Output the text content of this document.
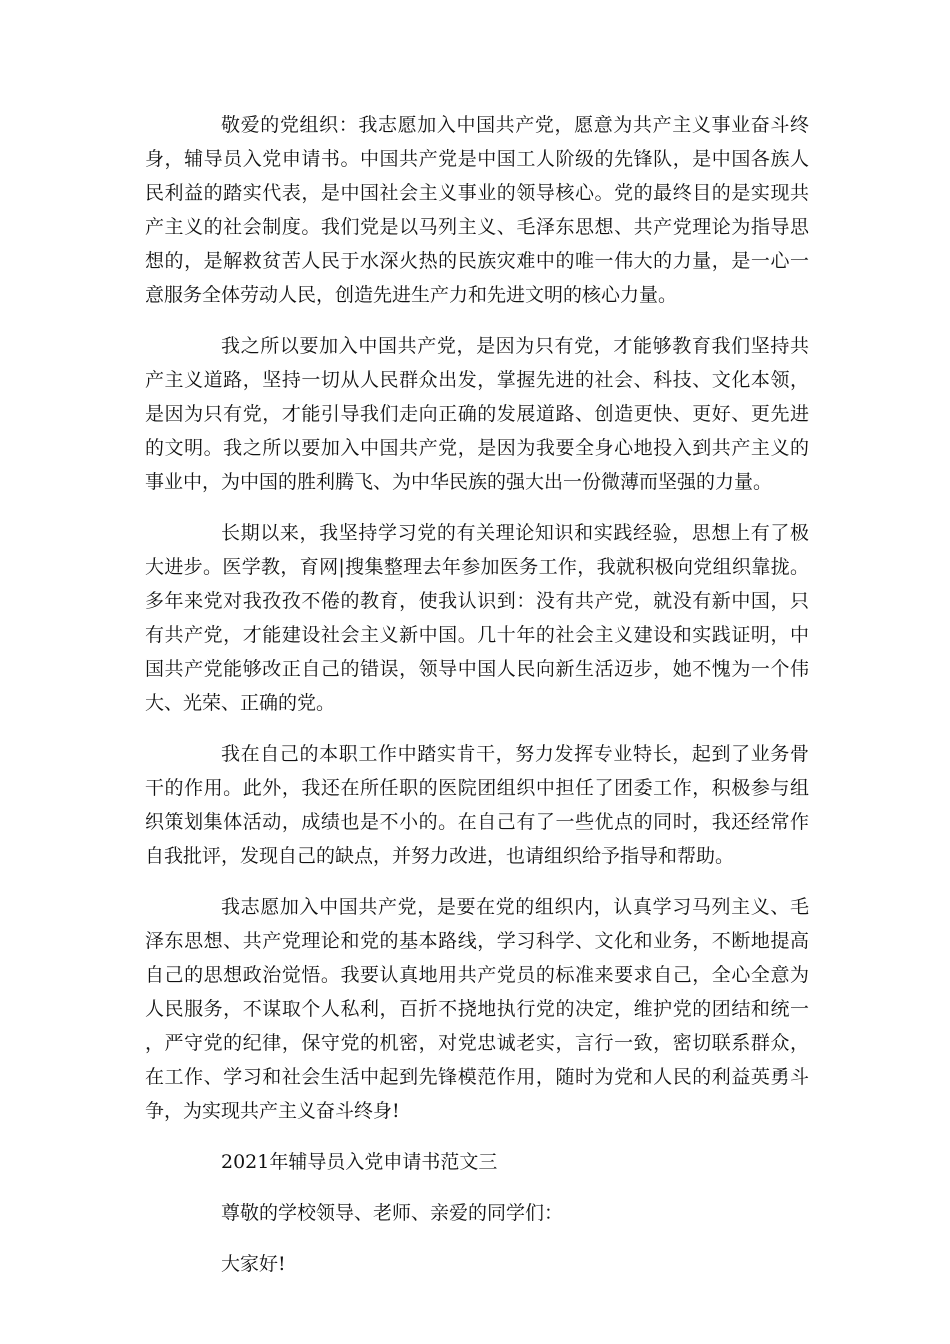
敬爱的党组织：我志愿加入中国共产党，愿意为共产主义事业奋斗终身，辅导员入党申请书。中国共产党是中国工人阶级的先锋队，是中国各族人民利益的踏实代表，是中国社会主义事业的领导核心。党的最终目的是实现共产主义的社会制度。我们党是以马列主义、毛泽东思想、共产党理论为指导思想的，是解救贫苦人民于水深火热的民族灾难中的唯一伟大的力量，是一心一意服务全体劳动人民，创造先进生产力和先进文明的核心力量。

我之所以要加入中国共产党，是因为只有党，才能够教育我们坚持共产主义道路，坚持一切从人民群众出发，掌握先进的社会、科技、文化本领，是因为只有党，才能引导我们走向正确的发展道路、创造更快、更好、更先进的文明。我之所以要加入中国共产党，是因为我要全身心地投入到共产主义的事业中，为中国的胜利腾飞、为中华民族的强大出一份微薄而坚强的力量。

长期以来，我坚持学习党的有关理论知识和实践经验，思想上有了极大进步。医学教，育网|搜集整理去年参加医务工作，我就积极向党组织靠拢。多年来党对我孜孜不倦的教育，使我认识到：没有共产党，就没有新中国，只有共产党，才能建设社会主义新中国。几十年的社会主义建设和实践证明，中国共产党能够改正自己的错误，领导中国人民向新生活迈步，她不愧为一个伟大、光荣、正确的党。

我在自己的本职工作中踏实肯干，努力发挥专业特长，起到了业务骨干的作用。此外，我还在所任职的医院团组织中担任了团委工作，积极参与组织策划集体活动，成绩也是不小的。在自己有了一些优点的同时，我还经常作自我批评，发现自己的缺点，并努力改进，也请组织给予指导和帮助。

我志愿加入中国共产党，是要在党的组织内，认真学习马列主义、毛泽东思想、共产党理论和党的基本路线，学习科学、文化和业务，不断地提高自己的思想政治觉悟。我要认真地用共产党员的标准来要求自己，全心全意为人民服务，不谋取个人私利，百折不挠地执行党的决定，维护党的团结和统一，严守党的纪律，保守党的机密，对党忠诚老实，言行一致，密切联系群众，在工作、学习和社会生活中起到先锋模范作用，随时为党和人民的利益英勇斗争，为实现共产主义奋斗终身!

2021年辅导员入党申请书范文三

尊敬的学校领导、老师、亲爱的同学们：

大家好!
